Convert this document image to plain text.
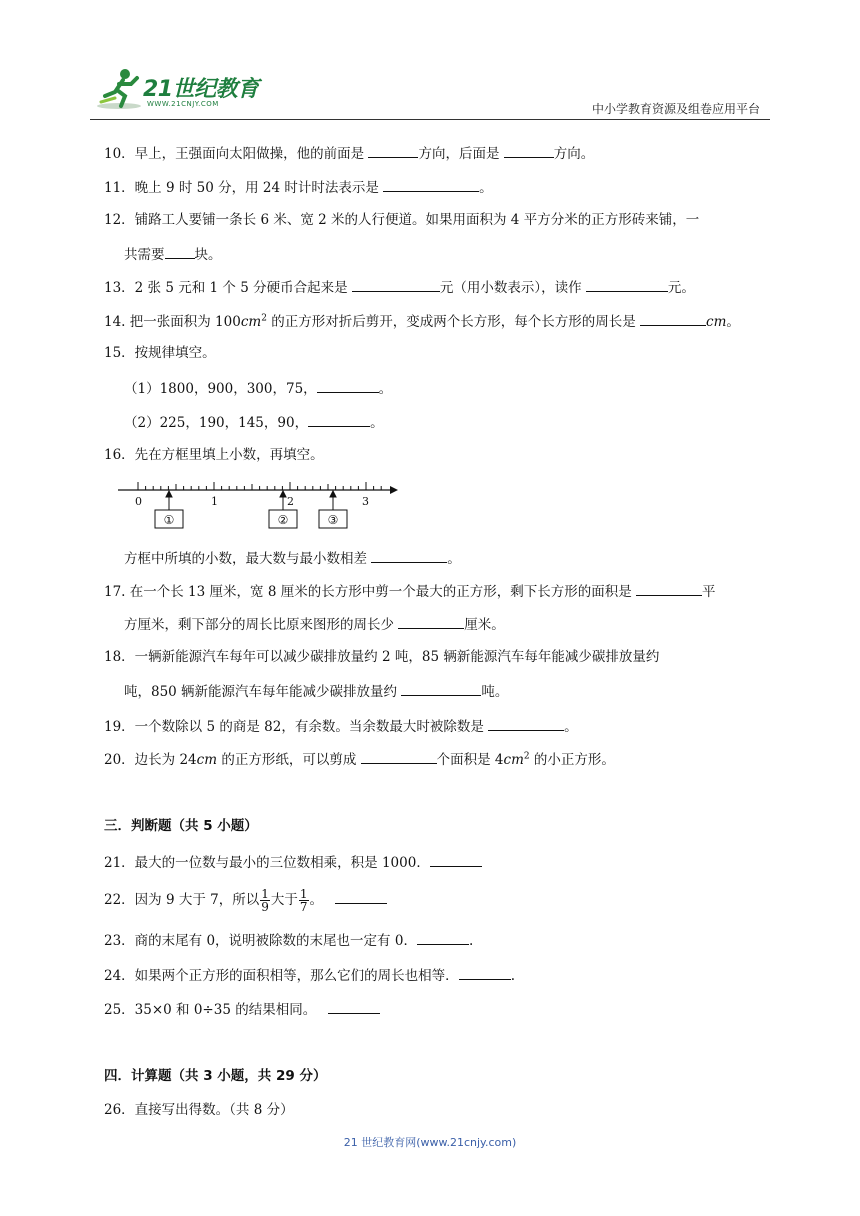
21世纪教育
WWW.21CNJY.COM	中小学教育资源及组卷应用平台
10．早上，王强面向太阳做操，他的前面是	方向，后面是	方向。
11．晚上 9 时 50 分，用 24 时计时法表示是	。
12．铺路工人要铺一条长 6 米、宽 2 米的人行便道。如果用面积为 4 平方分米的正方形砖来铺，一
共需要 块。
13．2 张 5 元和 1 个 5 分硬币合起来是	元（用小数表示），读作	元。
14. 把一张面积为 $100cm^2$ 的正方形对折后剪开，变成两个长方形，每个长方形的周长是	cm。
15．按规律填空。
（1）1800，900，300，75，	。
（2）225，190，145，90，	。
16．先在方框里填上小数，再填空。
0	1	2	3
①	②	③
方框中所填的小数，最大数与最小数相差	。
17. 在一个长 13 厘米，宽 8 厘米的长方形中剪一个最大的正方形，剩下长方形的面积是	平
方厘米，剩下部分的周长比原来图形的周长少	厘米。
18．一辆新能源汽车每年可以减少碳排放量约 2 吨，85 辆新能源汽车每年能减少碳排放量约
吨，850 辆新能源汽车每年能减少碳排放量约	吨。
19．一个数除以 5 的商是 82，有余数。当余数最大时被除数是	。
20．边长为 24cm 的正方形纸，可以剪成	个面积是 $4cm^2$ 的小正方形。
三．判断题（共 5 小题）
21．最大的一位数与最小的三位数相乘，积是 1000．
22．因为 9 大于 7，所以 $\frac{1}{9}$ 大于 $\frac{1}{7}$ 。
23．商的末尾有 0，说明被除数的末尾也一定有 0．	.
24．如果两个正方形的面积相等，那么它们的周长也相等．	.
25．35×0 和 0÷35 的结果相同。
四．计算题（共 3 小题，共 29 分）
26．直接写出得数。（共 8 分）
21 世纪教育网(www.21cnjy.com)
